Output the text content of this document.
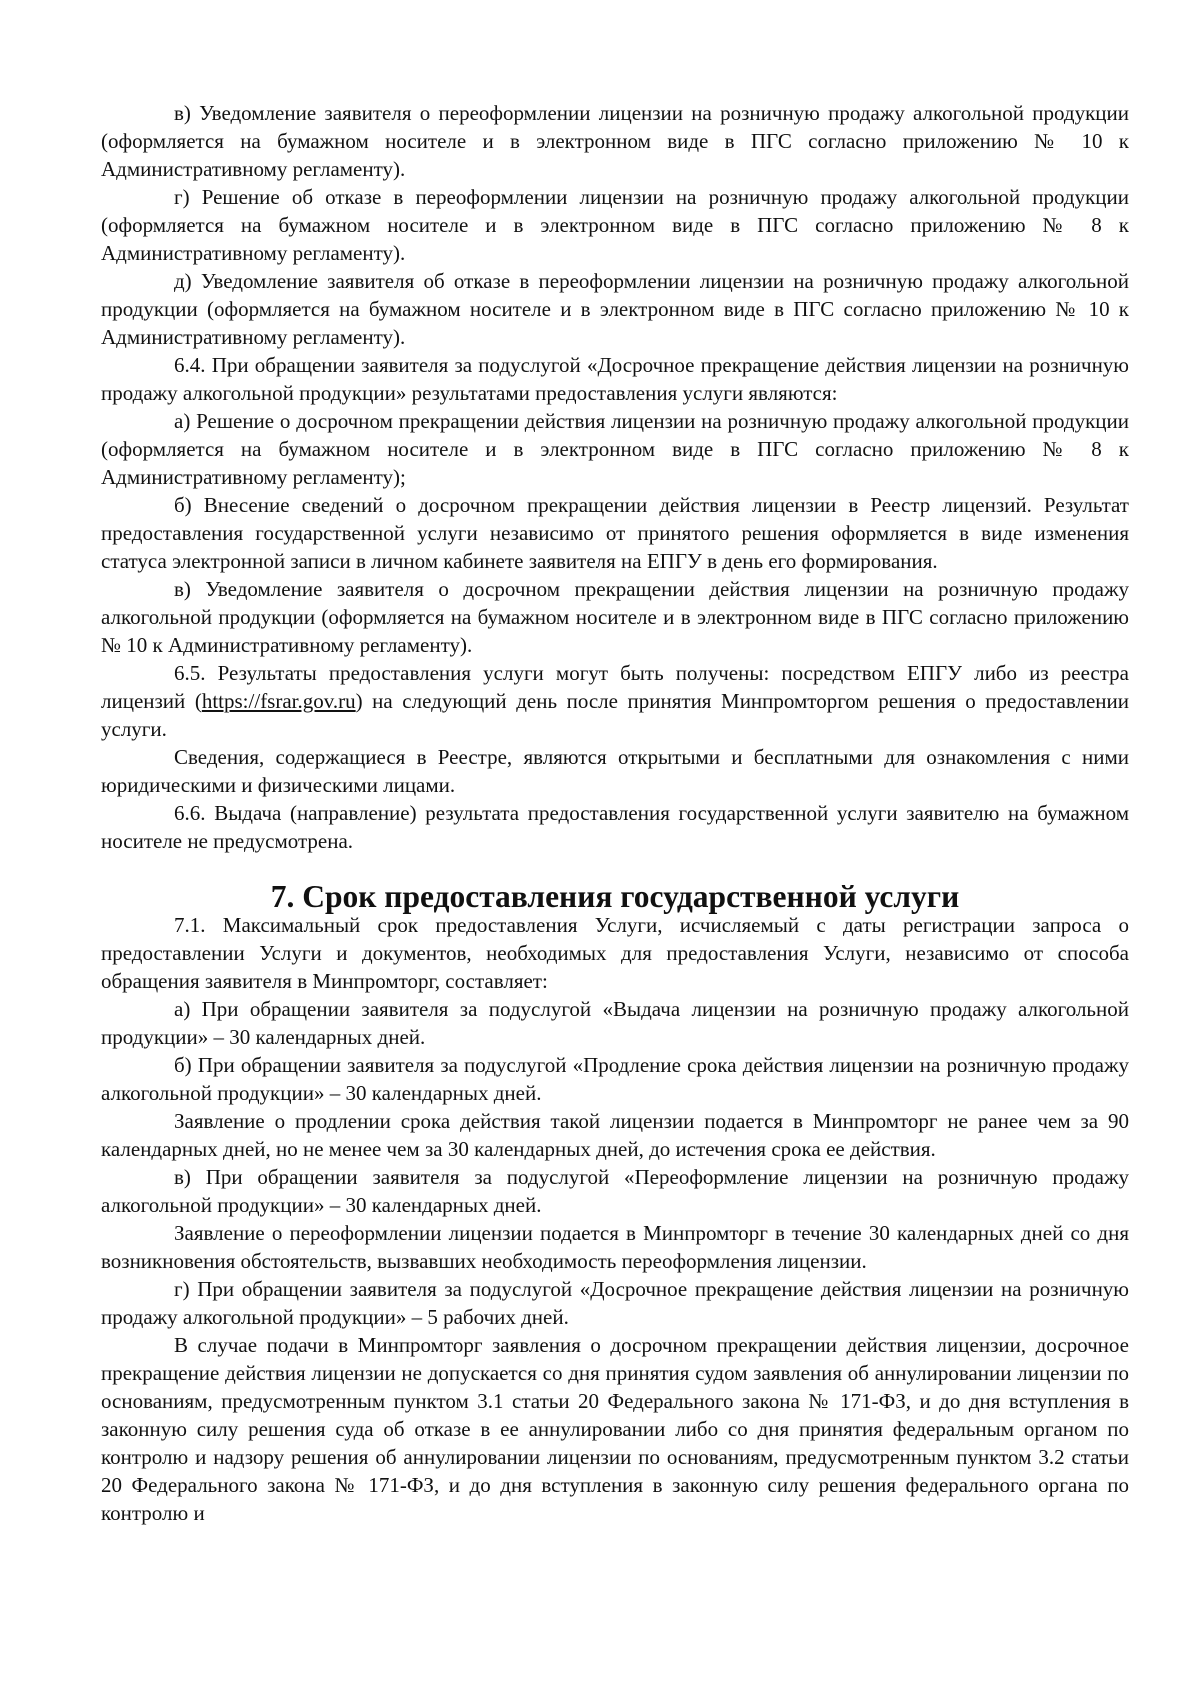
в) Уведомление заявителя о переоформлении лицензии на розничную продажу алкогольной продукции (оформляется на бумажном носителе и в электронном виде в ПГС согласно приложению № 10 к Административному регламенту).

г) Решение об отказе в переоформлении лицензии на розничную продажу алкогольной продукции (оформляется на бумажном носителе и в электронном виде в ПГС согласно приложению № 8 к Административному регламенту).

д) Уведомление заявителя об отказе в переоформлении лицензии на розничную продажу алкогольной продукции (оформляется на бумажном носителе и в электронном виде в ПГС согласно приложению № 10 к Административному регламенту).

6.4. При обращении заявителя за подуслугой «Досрочное прекращение действия лицензии на розничную продажу алкогольной продукции» результатами предоставления услуги являются:

а) Решение о досрочном прекращении действия лицензии на розничную продажу алкогольной продукции (оформляется на бумажном носителе и в электронном виде в ПГС согласно приложению № 8 к Административному регламенту);

б) Внесение сведений о досрочном прекращении действия лицензии в Реестр лицензий. Результат предоставления государственной услуги независимо от принятого решения оформляется в виде изменения статуса электронной записи в личном кабинете заявителя на ЕПГУ в день его формирования.

в) Уведомление заявителя о досрочном прекращении действия лицензии на розничную продажу алкогольной продукции (оформляется на бумажном носителе и в электронном виде в ПГС согласно приложению № 10 к Административному регламенту).

6.5. Результаты предоставления услуги могут быть получены: посредством ЕПГУ либо из реестра лицензий (https://fsrar.gov.ru) на следующий день после принятия Минпромторгом решения о предоставлении услуги.

Сведения, содержащиеся в Реестре, являются открытыми и бесплатными для ознакомления с ними юридическими и физическими лицами.

6.6. Выдача (направление) результата предоставления государственной услуги заявителю на бумажном носителе не предусмотрена.

7. Срок предоставления государственной услуги

7.1. Максимальный срок предоставления Услуги, исчисляемый с даты регистрации запроса о предоставлении Услуги и документов, необходимых для предоставления Услуги, независимо от способа обращения заявителя в Минпромторг, составляет:

а) При обращении заявителя за подуслугой «Выдача лицензии на розничную продажу алкогольной продукции» – 30 календарных дней.

б) При обращении заявителя за подуслугой «Продление срока действия лицензии на розничную продажу алкогольной продукции» – 30 календарных дней.

Заявление о продлении срока действия такой лицензии подается в Минпромторг не ранее чем за 90 календарных дней, но не менее чем за 30 календарных дней, до истечения срока ее действия.

в) При обращении заявителя за подуслугой «Переоформление лицензии на розничную продажу алкогольной продукции» – 30 календарных дней.

Заявление о переоформлении лицензии подается в Минпромторг в течение 30 календарных дней со дня возникновения обстоятельств, вызвавших необходимость переоформления лицензии.

г) При обращении заявителя за подуслугой «Досрочное прекращение действия лицензии на розничную продажу алкогольной продукции» – 5 рабочих дней.

В случае подачи в Минпромторг заявления о досрочном прекращении действия лицензии, досрочное прекращение действия лицензии не допускается со дня принятия судом заявления об аннулировании лицензии по основаниям, предусмотренным пунктом 3.1 статьи 20 Федерального закона № 171-ФЗ, и до дня вступления в законную силу решения суда об отказе в ее аннулировании либо со дня принятия федеральным органом по контролю и надзору решения об аннулировании лицензии по основаниям, предусмотренным пунктом 3.2 статьи 20 Федерального закона № 171-ФЗ, и до дня вступления в законную силу решения федерального органа по контролю и
